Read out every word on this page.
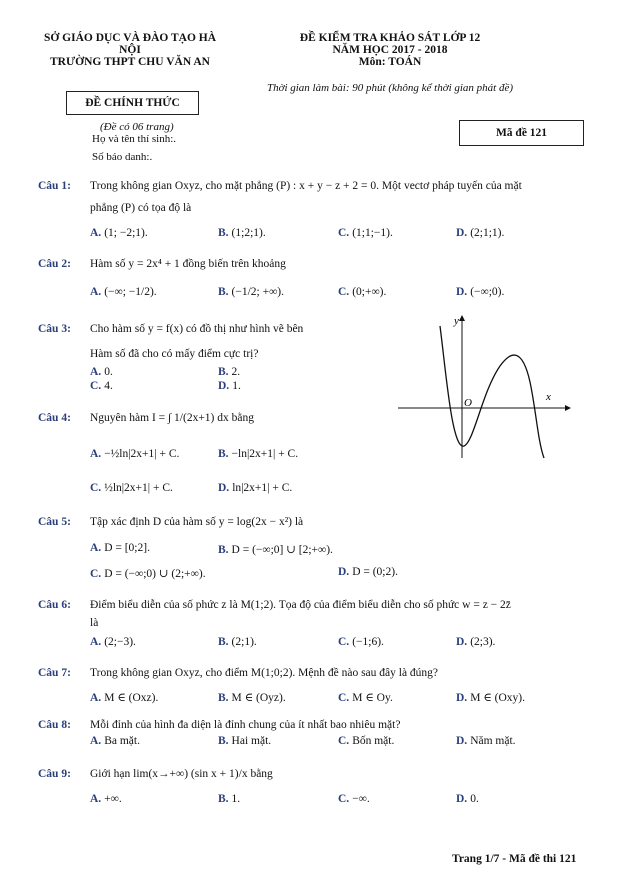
SỞ GIÁO DỤC VÀ ĐÀO TẠO HÀ
NỘI
TRƯỜNG THPT CHU VĂN AN
ĐỀ CHÍNH THỨC
(Đề có 06 trang)
Họ và tên thí sinh:.
Số báo danh:.
ĐỀ KIỂM TRA KHẢO SÁT LỚP 12
NĂM HỌC 2017 - 2018
Môn: TOÁN
Thời gian làm bài: 90 phút (không kể thời gian phát đề)
Mã đề 121
Câu 1: Trong không gian Oxyz, cho mặt phẳng (P) : x + y − z + 2 = 0. Một vectơ pháp tuyến của mặt
phẳng (P) có tọa độ là
A. (1; −2;1).	B. (1;2;1).	C. (1;1;−1).	D. (2;1;1).
Câu 2: Hàm số y = 2x⁴ + 1 đồng biến trên khoảng
A. (−∞; −1/2).	B. (−1/2; +∞).	C. (0;+∞).	D. (−∞;0).
Câu 3: Cho hàm số y = f(x) có đồ thị như hình vẽ bên
Hàm số đã cho có mấy điểm cực trị?
A. 0.	B. 2.
C. 4.	D. 1.
Câu 4: Nguyên hàm I = ∫ 1/(2x+1) dx bằng
A. −½ln|2x+1| + C.	B. −ln|2x+1| + C.
C. ½ln|2x+1| + C.	D. ln|2x+1| + C.
Câu 5: Tập xác định D của hàm số y = log(2x − x²) là
A. D = [0;2].	B. D = (−∞;0] ∪ [2;+∞).
C. D = (−∞;0) ∪ (2;+∞).	D. D = (0;2).
Câu 6: Điểm biểu diễn của số phức z là M(1;2). Tọa độ của điểm biểu diễn cho số phức w = z − 2z̄
là
A. (2;−3).	B. (2;1).	C. (−1;6).	D. (2;3).
Câu 7: Trong không gian Oxyz, cho điểm M(1;0;2). Mệnh đề nào sau đây là đúng?
A. M ∈ (Oxz).	B. M ∈ (Oyz).	C. M ∈ Oy.	D. M ∈ (Oxy).
Câu 8: Mỗi đỉnh của hình đa diện là đỉnh chung của ít nhất bao nhiêu mặt?
A. Ba mặt.	B. Hai mặt.	C. Bốn mặt.	D. Năm mặt.
Câu 9: Giới hạn lim(x→+∞) (sin x + 1)/x bằng
A. +∞.	B. 1.	C. −∞.	D. 0.
y
x
O
Trang 1/7 - Mã đề thi 121
